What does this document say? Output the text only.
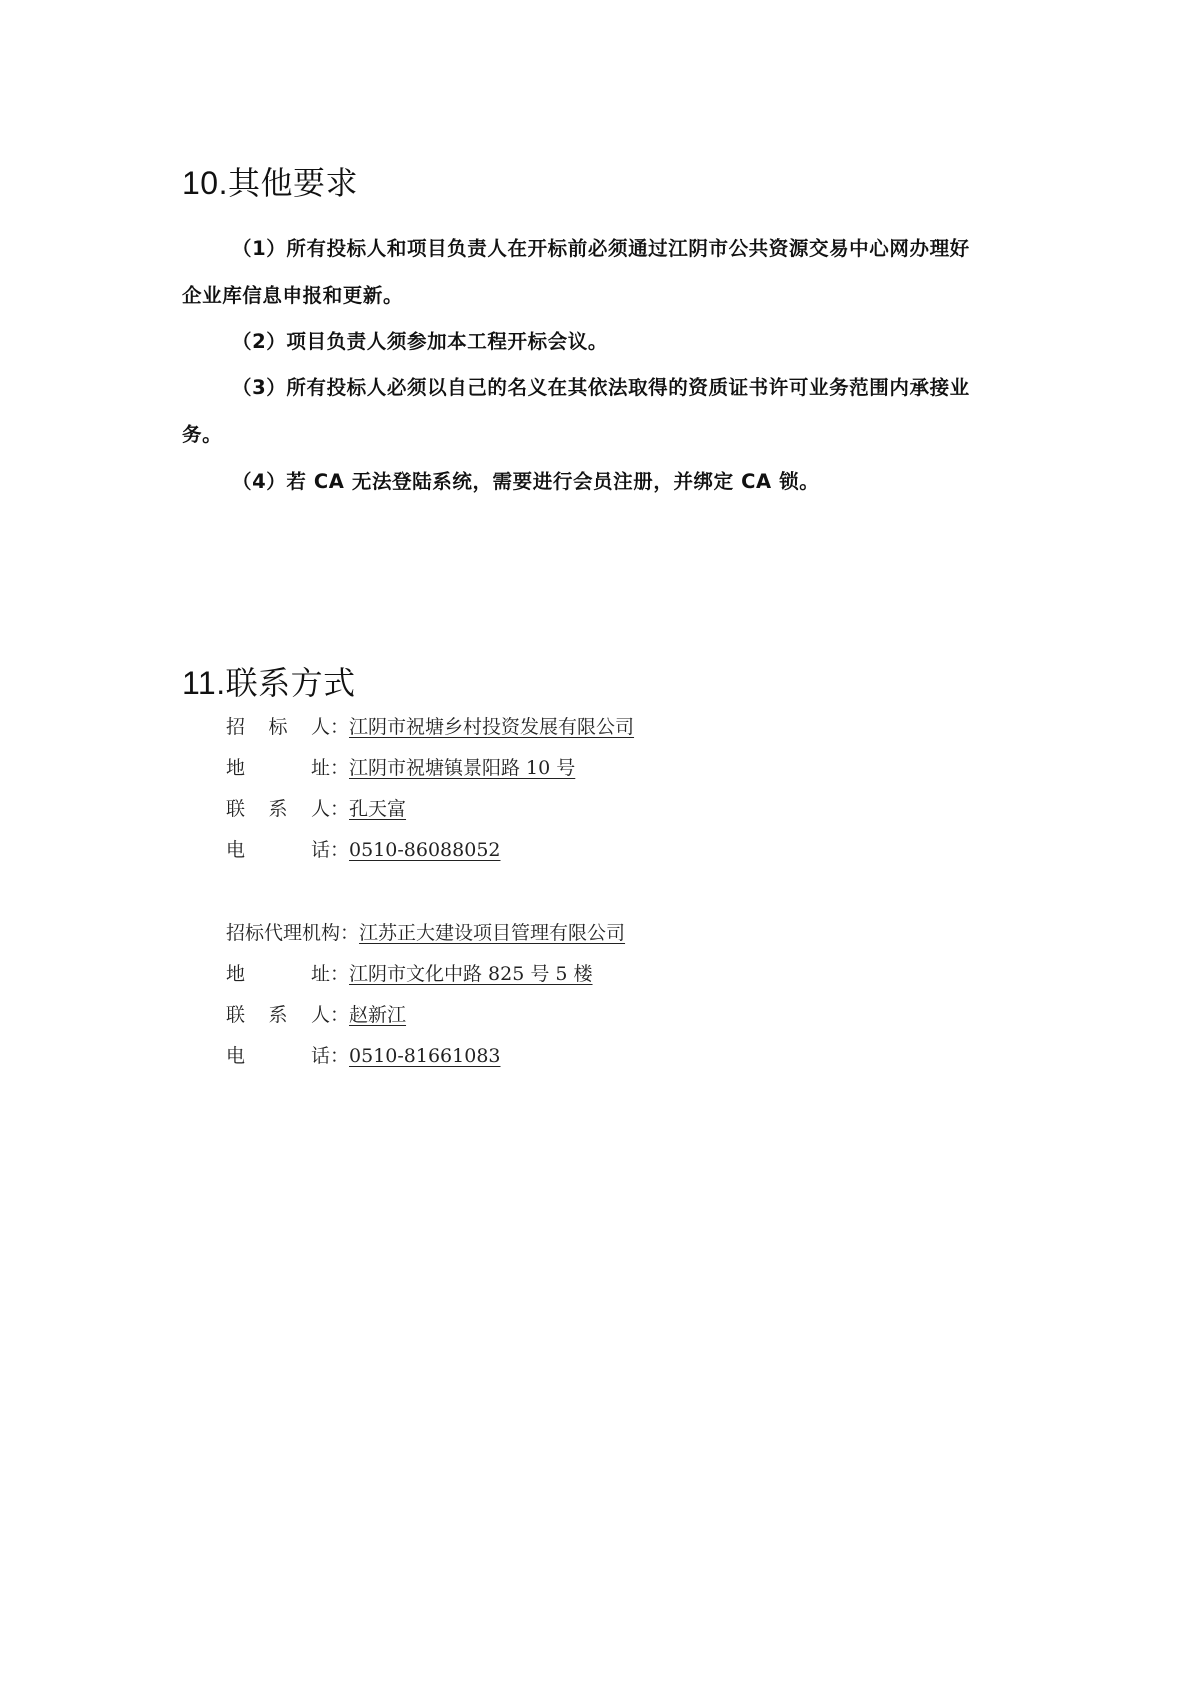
10.其他要求
（1）所有投标人和项目负责人在开标前必须通过江阴市公共资源交易中心网办理好
企业库信息申报和更新。
（2）项目负责人须参加本工程开标会议。
（3）所有投标人必须以自己的名义在其依法取得的资质证书许可业务范围内承接业
务。
（4）若 CA 无法登陆系统，需要进行会员注册，并绑定 CA 锁。
11.联系方式
招标人：江阴市祝塘乡村投资发展有限公司
地址：江阴市祝塘镇景阳路 10 号
联系人：孔天富
电话：0510-86088052
招标代理机构：江苏正大建设项目管理有限公司
地址：江阴市文化中路 825 号 5 楼
联系人：赵新江
电话：0510-81661083
